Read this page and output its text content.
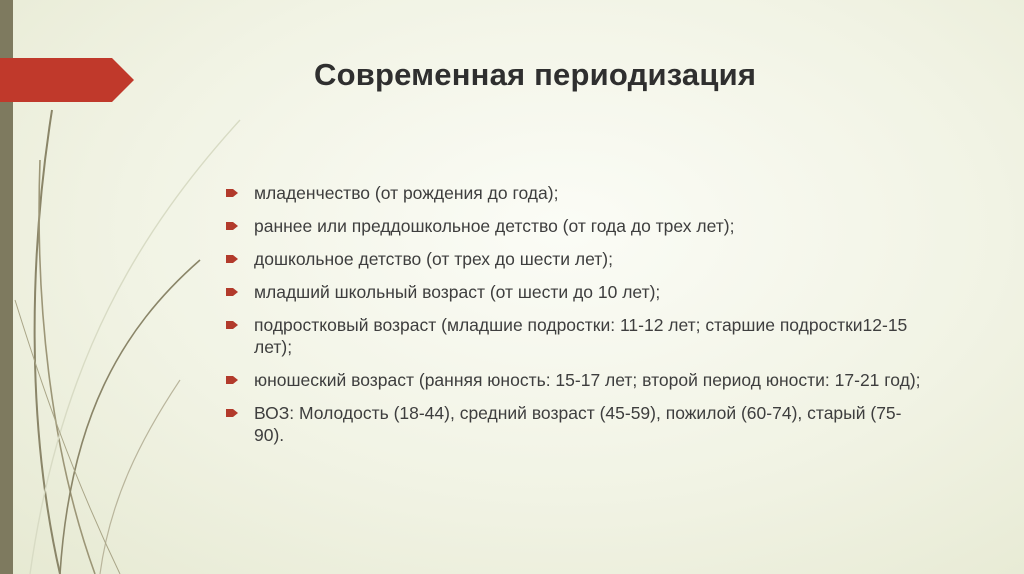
Современная периодизация
младенчество (от рождения до года);
раннее или преддошкольное детство (от года до трех лет);
дошкольное детство (от трех до шести лет);
младший школьный возраст (от шести до 10 лет);
подростковый возраст (младшие подростки: 11-12 лет; старшие подростки12-15 лет);
юношеский возраст (ранняя юность: 15-17 лет; второй период юности: 17-21 год);
ВОЗ: Молодость (18-44), средний возраст (45-59), пожилой (60-74), старый (75-90).
